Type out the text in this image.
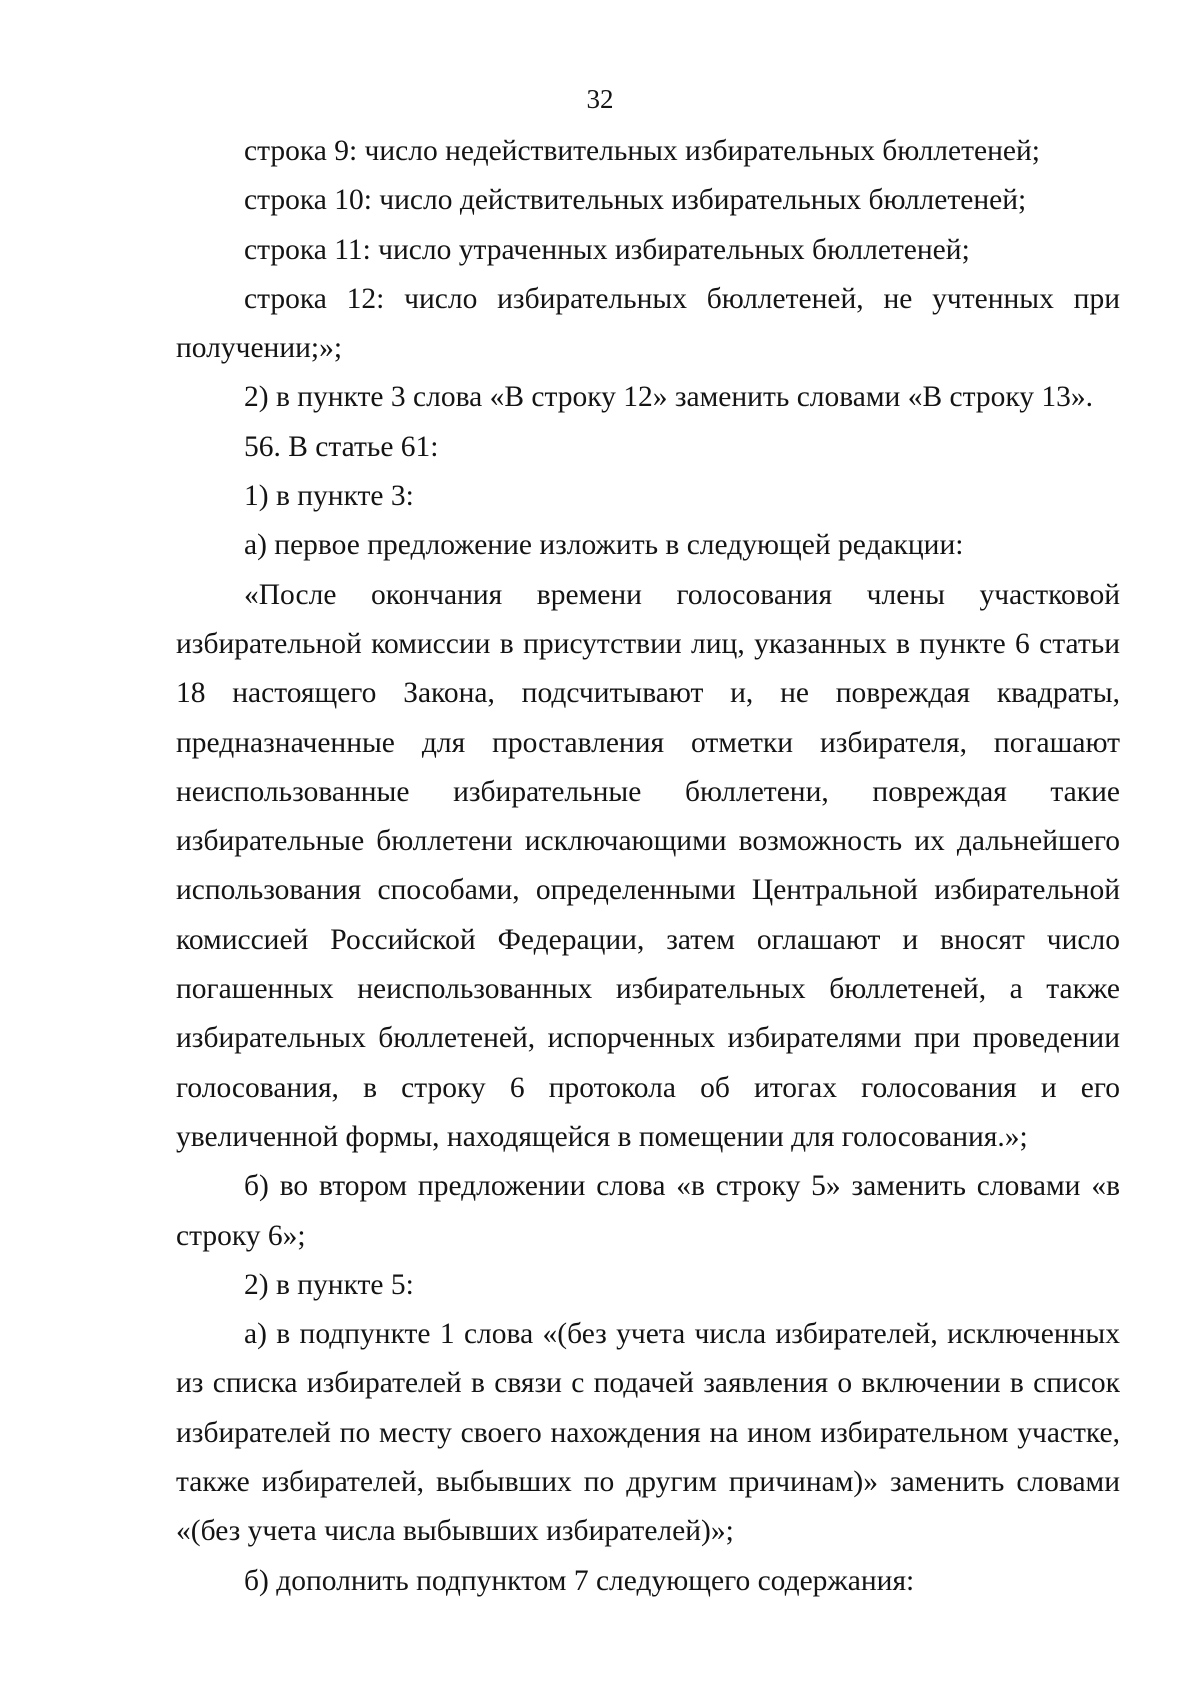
32

строка 9: число недействительных избирательных бюллетеней;

строка 10: число действительных избирательных бюллетеней;

строка 11: число утраченных избирательных бюллетеней;

строка 12: число избирательных бюллетеней, не учтенных при получении;»;

2) в пункте 3 слова «В строку 12» заменить словами «В строку 13».

56. В статье 61:

1) в пункте 3:

а) первое предложение изложить в следующей редакции:

«После окончания времени голосования члены участковой избирательной комиссии в присутствии лиц, указанных в пункте 6 статьи 18 настоящего Закона, подсчитывают и, не повреждая квадраты, предназначенные для проставления отметки избирателя, погашают неиспользованные избирательные бюллетени, повреждая такие избирательные бюллетени исключающими возможность их дальнейшего использования способами, определенными Центральной избирательной комиссией Российской Федерации, затем оглашают и вносят число погашенных неиспользованных избирательных бюллетеней, а также избирательных бюллетеней, испорченных избирателями при проведении голосования, в строку 6 протокола об итогах голосования и его увеличенной формы, находящейся в помещении для голосования.»;

б) во втором предложении слова «в строку 5» заменить словами «в строку 6»;

2) в пункте 5:

а) в подпункте 1 слова «(без учета числа избирателей, исключенных из списка избирателей в связи с подачей заявления о включении в список избирателей по месту своего нахождения на ином избирательном участке, также избирателей, выбывших по другим причинам)» заменить словами «(без учета числа выбывших избирателей)»;

б) дополнить подпунктом 7 следующего содержания:
